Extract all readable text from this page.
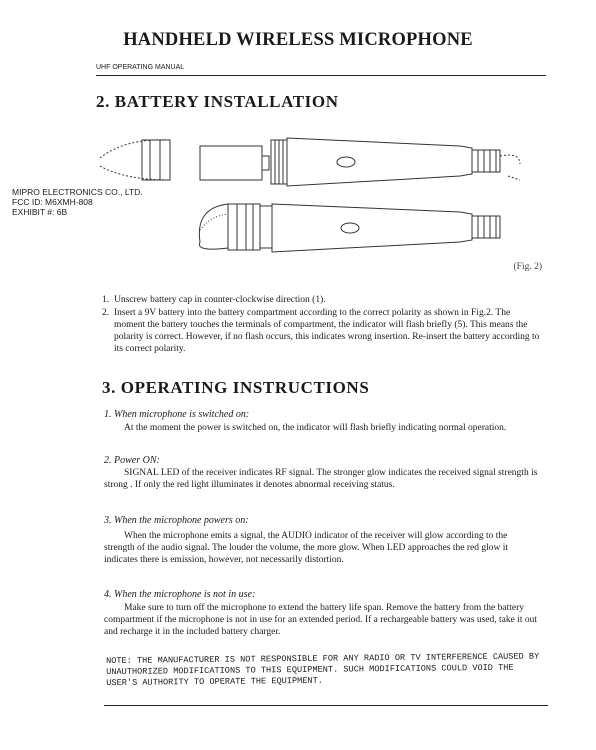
HANDHELD WIRELESS MICROPHONE
UHF OPERATING MANUAL
2. BATTERY INSTALLATION
MIPRO ELECTRONICS CO., LTD.
FCC ID: M6XMH-808
EXHIBIT #: 6B
(Fig. 2)
1. Unscrew battery cap in counter-clockwise direction (1).
2. Insert a 9V battery into the battery compartment according to the correct polarity as shown in Fig.2. The moment the battery touches the terminals of compartment, the indicator will flash briefly (5). This means the polarity is correct. However, if no flash occurs, this indicates wrong insertion. Re-insert the battery according to its correct polarity.
3. OPERATING INSTRUCTIONS
1. When microphone is switched on:
At the moment the power is switched on, the indicator will flash briefly indicating normal operation.
2. Power ON:
SIGNAL LED of the receiver indicates RF signal. The stronger glow indicates the received signal strength is strong . If only the red light illuminates it denotes abnormal receiving status.
3. When the microphone powers on:
When the microphone emits a signal, the AUDIO indicator of the receiver will glow according to the strength of the audio signal. The louder the volume, the more glow. When LED approaches the red glow it indicates there is emission, however, not necessarily distortion.
4. When the microphone is not in use:
Make sure to turn off the microphone to extend the battery life span. Remove the battery from the battery compartment if the microphone is not in use for an extended period. If a rechargeable battery was used, take it out and recharge it in the included battery charger.
NOTE: THE MANUFACTURER IS NOT RESPONSIBLE FOR ANY RADIO OR TV INTERFERENCE CAUSED BY UNAUTHORIZED MODIFICATIONS TO THIS EQUIPMENT. SUCH MODIFICATIONS COULD VOID THE USER'S AUTHORITY TO OPERATE THE EQUIPMENT.
